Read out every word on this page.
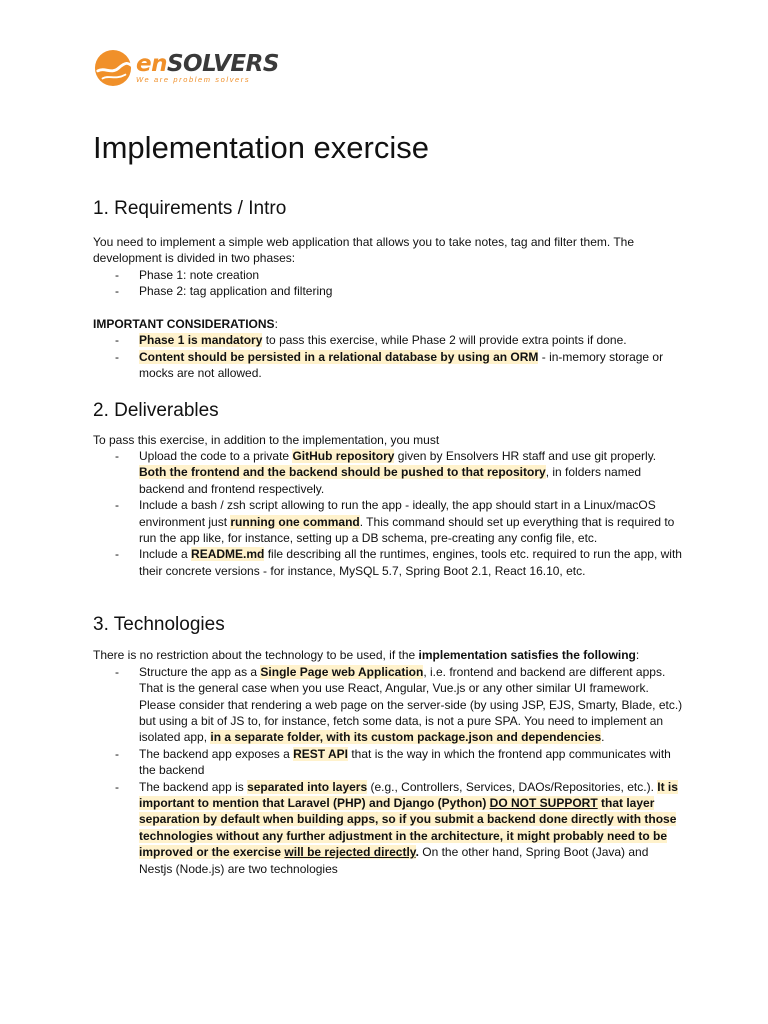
enSOLVERS
We are problem solvers
Implementation exercise
1. Requirements / Intro

You need to implement a simple web application that allows you to take notes, tag and filter them. The development is divided in two phases:

- Phase 1: note creation
- Phase 2: tag application and filtering

IMPORTANT CONSIDERATIONS:

- Phase 1 is mandatory to pass this exercise, while Phase 2 will provide extra points if done.
- Content should be persisted in a relational database by using an ORM - in-memory storage or mocks are not allowed.
2. Deliverables

To pass this exercise, in addition to the implementation, you must

- Upload the code to a private GitHub repository given by Ensolvers HR staff and use git properly. Both the frontend and the backend should be pushed to that repository, in folders named backend and frontend respectively.
- Include a bash / zsh script allowing to run the app - ideally, the app should start in a Linux/macOS environment just running one command. This command should set up everything that is required to run the app like, for instance, setting up a DB schema, pre-creating any config file, etc.
- Include a README.md file describing all the runtimes, engines, tools etc. required to run the app, with their concrete versions - for instance, MySQL 5.7, Spring Boot 2.1, React 16.10, etc.
3. Technologies

There is no restriction about the technology to be used, if the implementation satisfies the following:

- Structure the app as a Single Page web Application, i.e. frontend and backend are different apps. That is the general case when you use React, Angular, Vue.js or any other similar UI framework. Please consider that rendering a web page on the server-side (by using JSP, EJS, Smarty, Blade, etc.) but using a bit of JS to, for instance, fetch some data, is not a pure SPA. You need to implement an isolated app, in a separate folder, with its custom package.json and dependencies.
- The backend app exposes a REST API that is the way in which the frontend app communicates with the backend
- The backend app is separated into layers (e.g., Controllers, Services, DAOs/Repositories, etc.). It is important to mention that Laravel (PHP) and Django (Python) DO NOT SUPPORT that layer separation by default when building apps, so if you submit a backend done directly with those technologies without any further adjustment in the architecture, it might probably need to be improved or the exercise will be rejected directly. On the other hand, Spring Boot (Java) and Nestjs (Node.js) are two technologies
